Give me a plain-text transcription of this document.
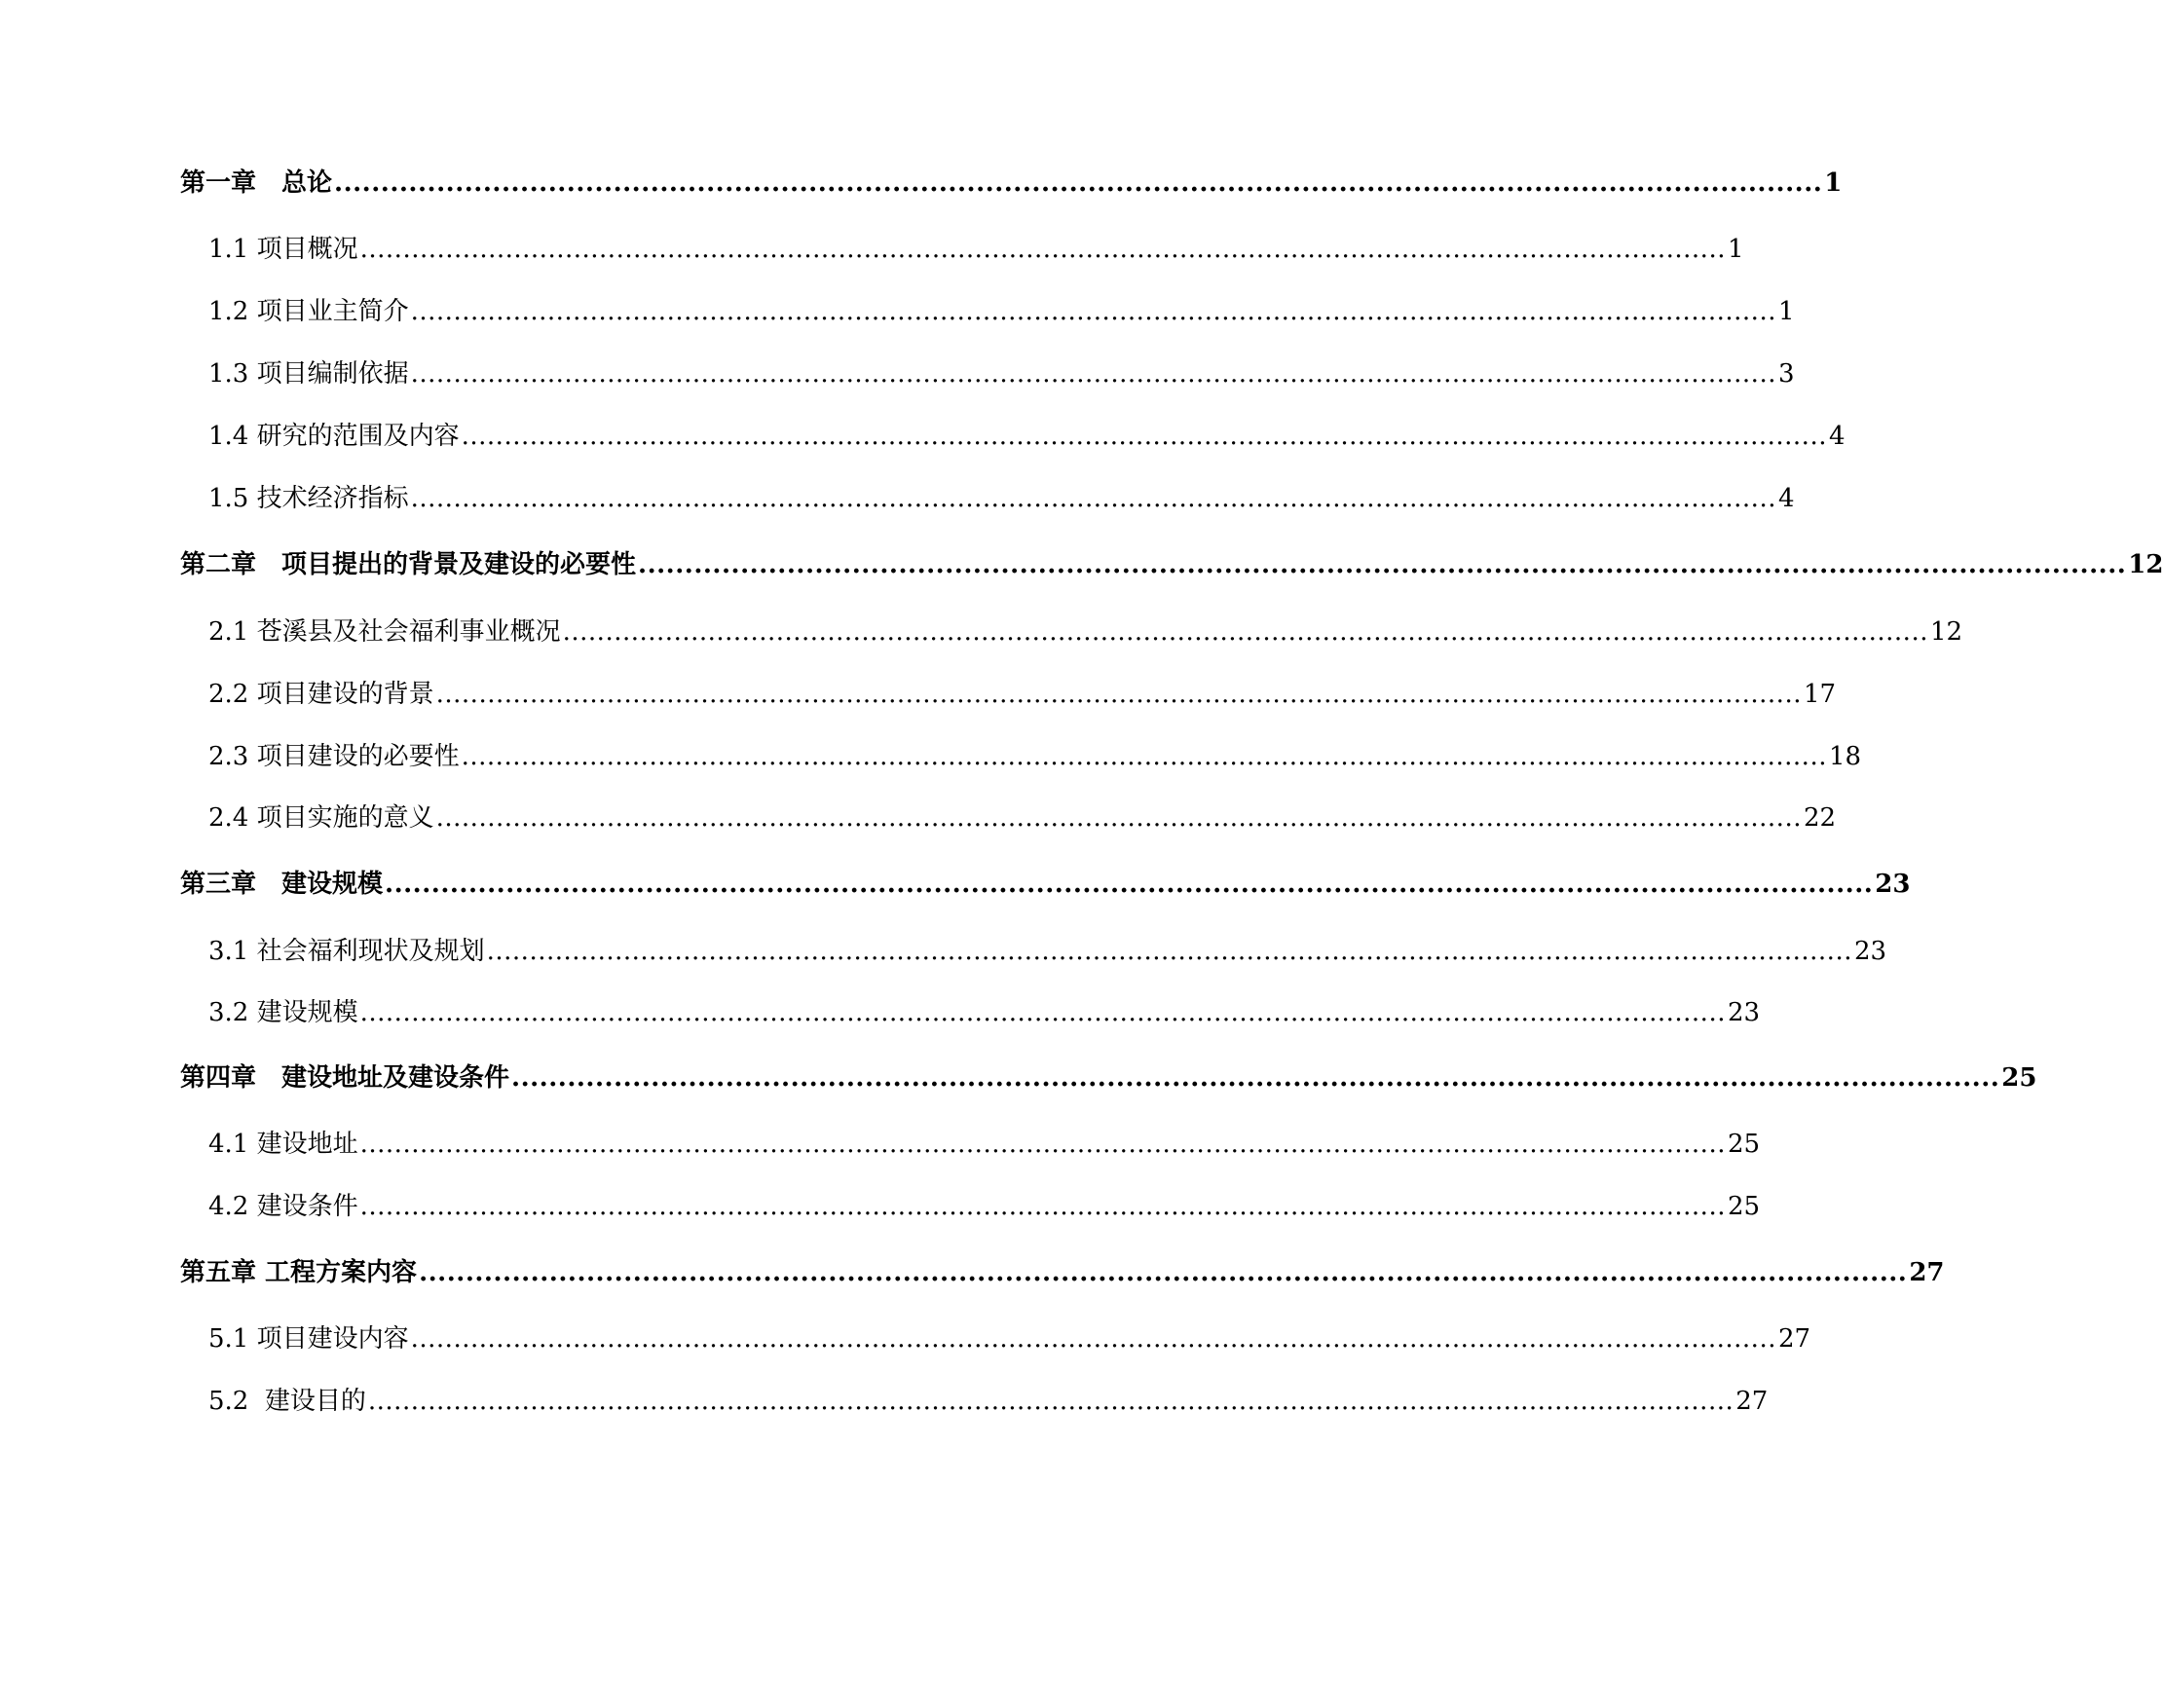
第一章　总论 ................................................................................................................................................................ 1
1.1 项目概况 ................................................................................................................................................................ 1
1.2 项目业主简介 ................................................................................................................................................................ 1
1.3 项目编制依据 ................................................................................................................................................................ 3
1.4 研究的范围及内容 ................................................................................................................................................................ 4
1.5 技术经济指标 ................................................................................................................................................................ 4
第二章　项目提出的背景及建设的必要性 ................................................................................................................................................................ 12
2.1 苍溪县及社会福利事业概况 ................................................................................................................................................................ 12
2.2 项目建设的背景 ................................................................................................................................................................ 17
2.3 项目建设的必要性 ................................................................................................................................................................ 18
2.4 项目实施的意义 ................................................................................................................................................................ 22
第三章　建设规模 ................................................................................................................................................................ 23
3.1 社会福利现状及规划 ................................................................................................................................................................ 23
3.2 建设规模 ................................................................................................................................................................ 23
第四章　建设地址及建设条件 ................................................................................................................................................................ 25
4.1 建设地址 ................................................................................................................................................................ 25
4.2 建设条件 ................................................................................................................................................................ 25
第五章 工程方案内容 ................................................................................................................................................................ 27
5.1 项目建设内容 ................................................................................................................................................................ 27
5.2  建设目的 ................................................................................................................................................................ 27
